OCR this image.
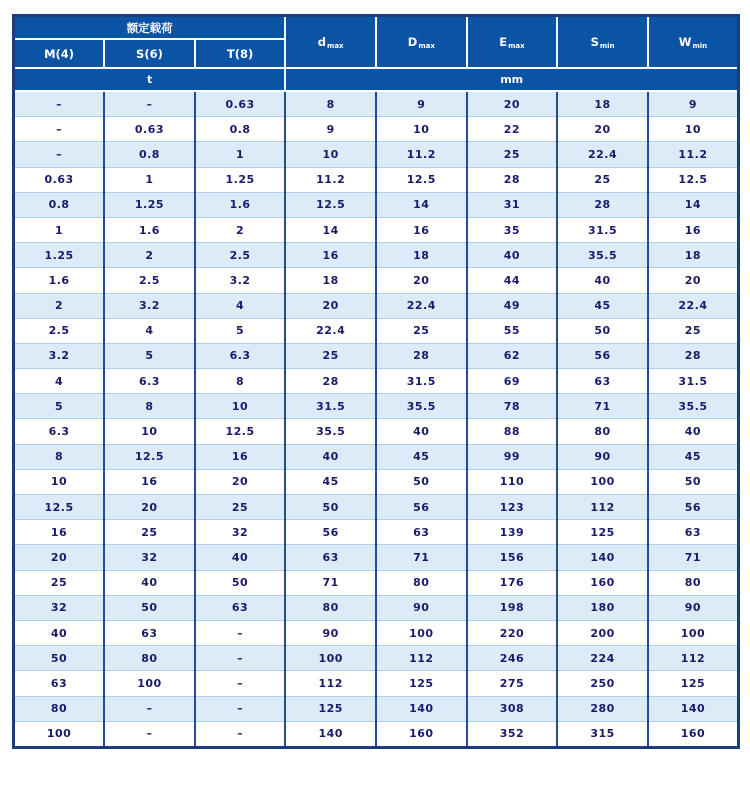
额定载荷			$d_{max}$	$D_{max}$	$E_{max}$	$S_{min}$	$W_{min}$
M(4)	S(6)	T(8)					
t			mm				
–	–	0.63	8	9	20	18	9
–	0.63	0.8	9	10	22	20	10
–	0.8	1	10	11.2	25	22.4	11.2
0.63	1	1.25	11.2	12.5	28	25	12.5
0.8	1.25	1.6	12.5	14	31	28	14
1	1.6	2	14	16	35	31.5	16
1.25	2	2.5	16	18	40	35.5	18
1.6	2.5	3.2	18	20	44	40	20
2	3.2	4	20	22.4	49	45	22.4
2.5	4	5	22.4	25	55	50	25
3.2	5	6.3	25	28	62	56	28
4	6.3	8	28	31.5	69	63	31.5
5	8	10	31.5	35.5	78	71	35.5
6.3	10	12.5	35.5	40	88	80	40
8	12.5	16	40	45	99	90	45
10	16	20	45	50	110	100	50
12.5	20	25	50	56	123	112	56
16	25	32	56	63	139	125	63
20	32	40	63	71	156	140	71
25	40	50	71	80	176	160	80
32	50	63	80	90	198	180	90
40	63	–	90	100	220	200	100
50	80	–	100	112	246	224	112
63	100	–	112	125	275	250	125
80	–	–	125	140	308	280	140
100	–	–	140	160	352	315	160
